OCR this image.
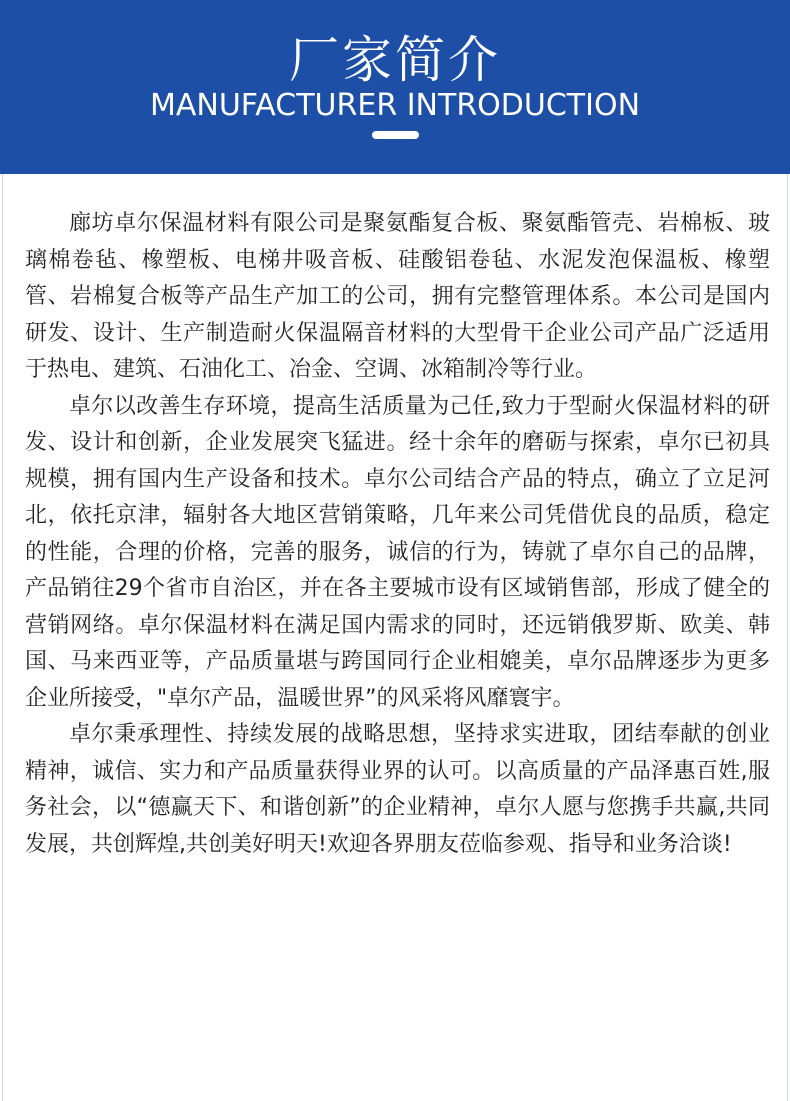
厂家简介
MANUFACTURER INTRODUCTION

廊坊卓尔保温材料有限公司是聚氨酯复合板、聚氨酯管壳、岩棉板、玻璃棉卷毡、橡塑板、电梯井吸音板、硅酸铝卷毡、水泥发泡保温板、橡塑管、岩棉复合板等产品生产加工的公司，拥有完整管理体系。本公司是国内研发、设计、生产制造耐火保温隔音材料的大型骨干企业公司产品广泛适用于热电、建筑、石油化工、冶金、空调、冰箱制冷等行业。

卓尔以改善生存环境，提高生活质量为己任,致力于型耐火保温材料的研发、设计和创新，企业发展突飞猛进。经十余年的磨砺与探索，卓尔已初具规模，拥有国内生产设备和技术。卓尔公司结合产品的特点，确立了立足河北，依托京津，辐射各大地区营销策略，几年来公司凭借优良的品质，稳定的性能，合理的价格，完善的服务，诚信的行为，铸就了卓尔自己的品牌，产品销往29个省市自治区，并在各主要城市设有区域销售部，形成了健全的营销网络。卓尔保温材料在满足国内需求的同时，还远销俄罗斯、欧美、韩国、马来西亚等，产品质量堪与跨国同行企业相媲美，卓尔品牌逐步为更多企业所接受，"卓尔产品，温暖世界”的风采将风靡寰宇。

卓尔秉承理性、持续发展的战略思想，坚持求实进取，团结奉献的创业精神，诚信、实力和产品质量获得业界的认可。以高质量的产品泽惠百姓,服务社会，以“德赢天下、和谐创新”的企业精神，卓尔人愿与您携手共赢,共同发展，共创辉煌,共创美好明天!欢迎各界朋友莅临参观、指导和业务洽谈!
